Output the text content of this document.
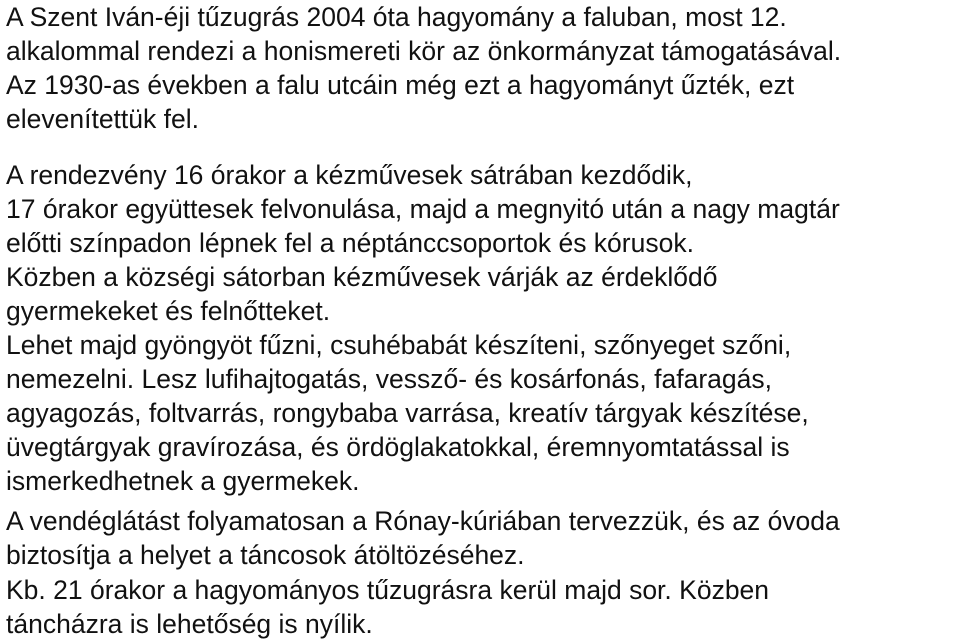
A Szent Iván-éji tűzugrás 2004 óta hagyomány a faluban, most 12.

alkalommal rendezi a honismereti kör az önkormányzat támogatásával.

Az 1930-as években a falu utcáin még ezt a hagyományt űzték, ezt

elevenítettük fel.

A rendezvény 16 órakor a kézművesek sátrában kezdődik,

17 órakor együttesek felvonulása, majd a megnyitó után a nagy magtár

előtti színpadon lépnek fel a néptánccsoportok és kórusok.

Közben a községi sátorban kézművesek várják az érdeklődő

gyermekeket és felnőtteket.

Lehet majd gyöngyöt fűzni, csuhébabát készíteni, szőnyeget szőni,

nemezelni. Lesz lufihajtogatás, vessző- és kosárfonás, fafaragás,

agyagozás, foltvarrás, rongybaba varrása, kreatív tárgyak készítése,

üvegtárgyak gravírozása, és ördöglakatokkal, éremnyomtatással is

ismerkedhetnek a gyermekek.

A vendéglátást folyamatosan a Rónay-kúriában tervezzük, és az óvoda

biztosítja a helyet a táncosok átöltözéséhez.

Kb. 21 órakor a hagyományos tűzugrásra kerül majd sor. Közben

táncházra is lehetőség is nyílik.
